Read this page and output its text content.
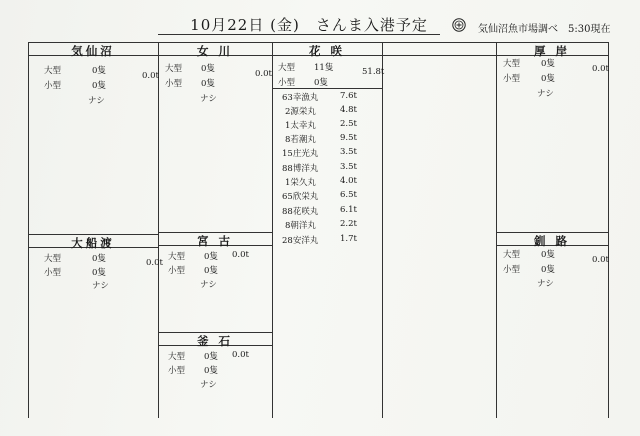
10月22日 (金)　さんま入港予定	気仙沼魚市場調べ　5:30現在
気仙沼
大型	0隻
小型	0隻
0.0t
ナシ
女 川
大型 0隻
小型 0隻
0.0t
ナシ
花 咲
大型 11隻
小型 0隻
51.8t
63幸漁丸	7.6t
2源栄丸	4.8t
1太幸丸	2.5t
8若潮丸	9.5t
15庄光丸	3.5t
88博洋丸	3.5t
1栄久丸	4.0t
65欣栄丸	6.5t
88花咲丸	6.1t
8朝洋丸	2.2t
28安洋丸	1.7t
厚 岸
大型 0隻
小型 0隻
0.0t
ナシ
大船渡
大型	0隻
小型	0隻
0.0t
ナシ
宮 古
大型 0隻
小型 0隻
0.0t
ナシ
釜 石
大型 0隻
小型 0隻
0.0t
ナシ
釧 路
大型 0隻
小型 0隻
0.0t
ナシ
